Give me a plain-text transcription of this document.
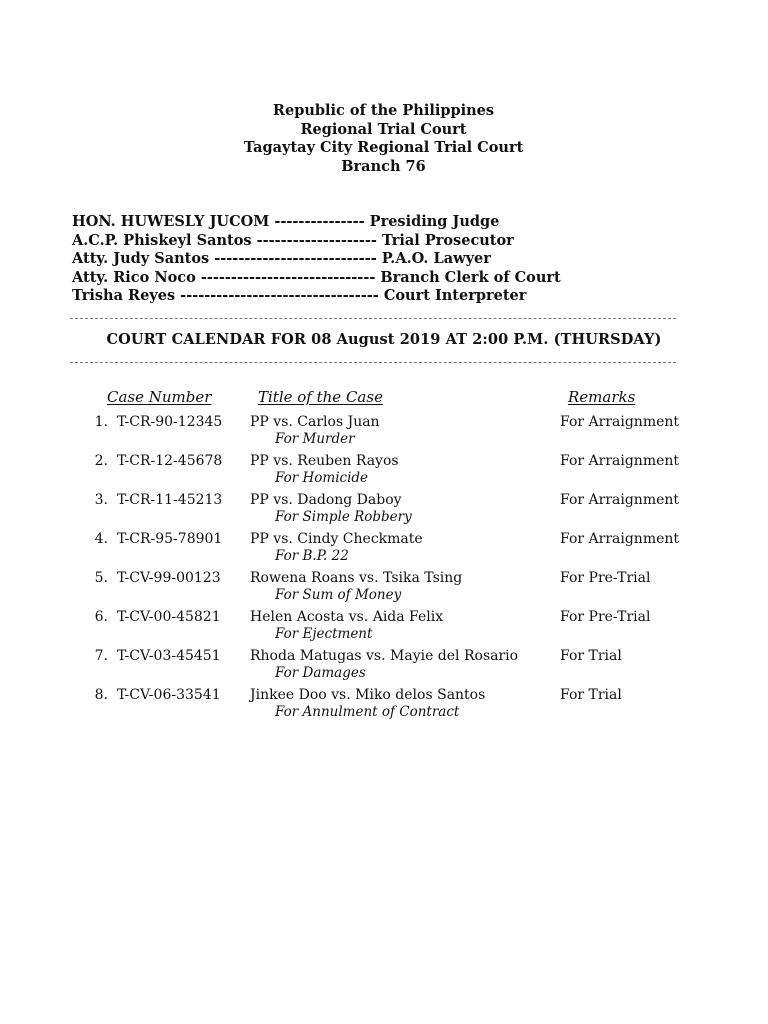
Republic of the Philippines
Regional Trial Court
Tagaytay City Regional Trial Court
Branch 76
HON. HUWESLY JUCOM --------------- Presiding Judge
A.C.P. Phiskeyl Santos -------------------- Trial Prosecutor
Atty. Judy Santos --------------------------- P.A.O. Lawyer
Atty. Rico Noco ----------------------------- Branch Clerk of Court
Trisha Reyes --------------------------------- Court Interpreter
COURT CALENDAR FOR 08 August 2019 AT 2:00 P.M. (THURSDAY)
Case Number	Title of the Case	Remarks
1. T-CR-90-12345 PP vs. Carlos Juan
For Murder
For Arraignment
2. T-CR-12-45678 PP vs. Reuben Rayos
For Homicide
For Arraignment
3. T-CR-11-45213 PP vs. Dadong Daboy
For Simple Robbery
For Arraignment
4. T-CR-95-78901 PP vs. Cindy Checkmate
For B.P. 22
For Arraignment
5. T-CV-99-00123 Rowena Roans vs. Tsika Tsing
For Sum of Money
For Pre-Trial
6. T-CV-00-45821 Helen Acosta vs. Aida Felix
For Ejectment
For Pre-Trial
7. T-CV-03-45451 Rhoda Matugas vs. Mayie del Rosario
For Damages
For Trial
8. T-CV-06-33541 Jinkee Doo vs. Miko delos Santos
For Annulment of Contract
For Trial
